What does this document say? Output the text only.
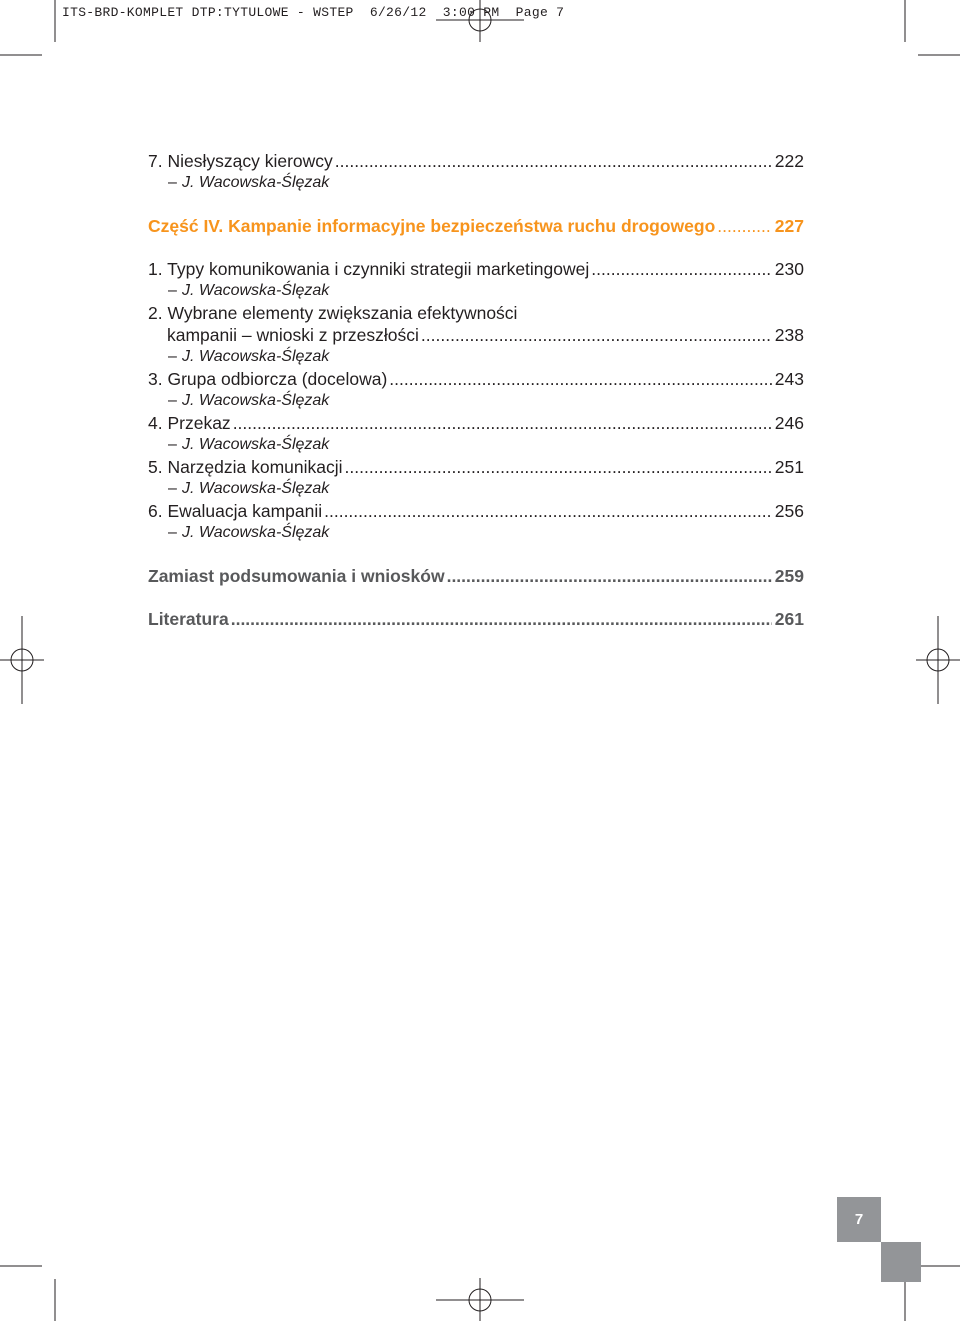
ITS-BRD-KOMPLET DTP:TYTULOWE - WSTEP  6/26/12  3:00 PM  Page 7
7. Niesłyszący kierowcy .....	222
– J. Wacowska-Ślęzak
Część IV. Kampanie informacyjne bezpieczeństwa ruchu drogowego .....	227
1. Typy komunikowania i czynniki strategii marketingowej .....	230
– J. Wacowska-Ślęzak
2. Wybrane elementy zwiększania efektywności
kampanii – wnioski z przeszłości .....	238
– J. Wacowska-Ślęzak
3. Grupa odbiorcza (docelowa) .....	243
– J. Wacowska-Ślęzak
4. Przekaz .....	246
– J. Wacowska-Ślęzak
5. Narzędzia komunikacji .....	251
– J. Wacowska-Ślęzak
6. Ewaluacja kampanii .....	256
– J. Wacowska-Ślęzak
Zamiast podsumowania i wniosków .....	259
Literatura .....	261
7
